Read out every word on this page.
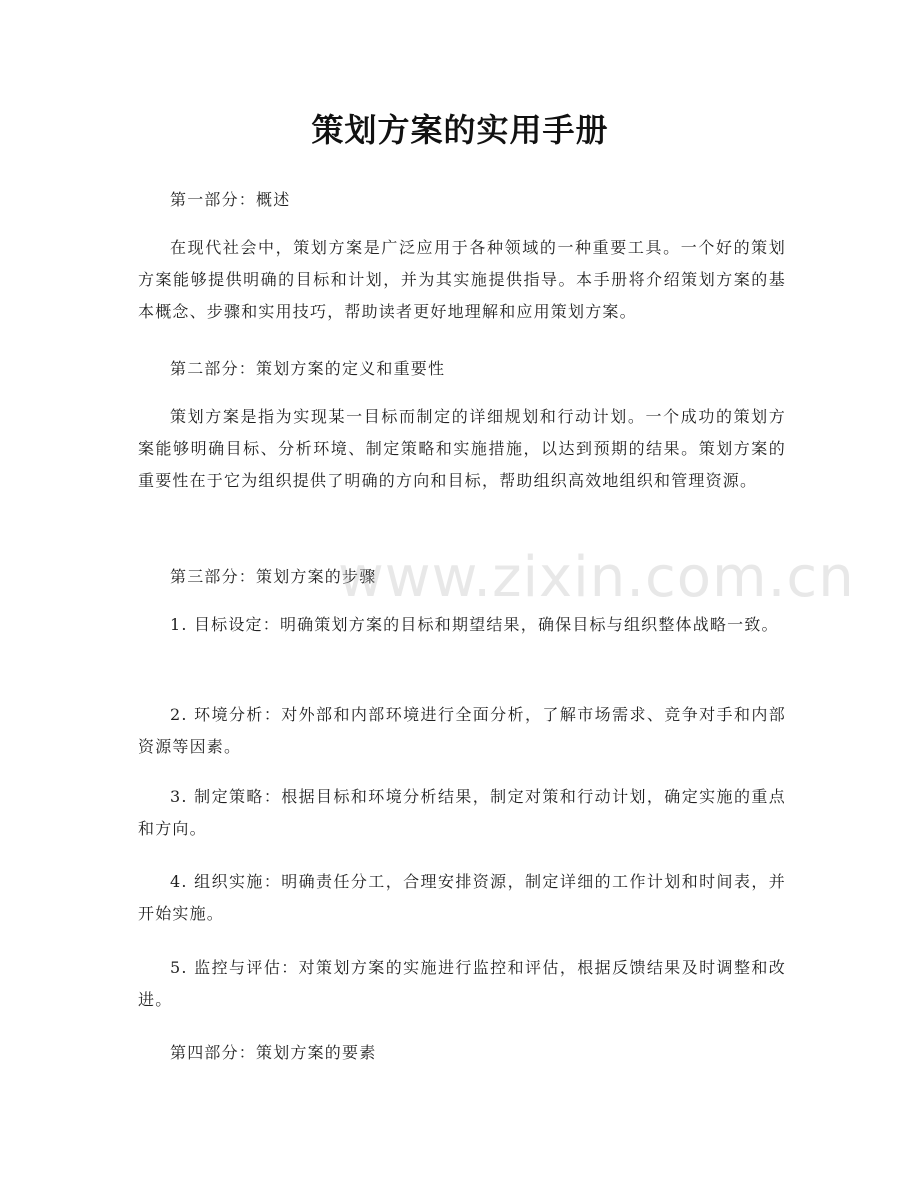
策划方案的实用手册
第一部分：概述
在现代社会中，策划方案是广泛应用于各种领域的一种重要工具。一个好的策划方案能够提供明确的目标和计划，并为其实施提供指导。本手册将介绍策划方案的基本概念、步骤和实用技巧，帮助读者更好地理解和应用策划方案。
第二部分：策划方案的定义和重要性
策划方案是指为实现某一目标而制定的详细规划和行动计划。一个成功的策划方案能够明确目标、分析环境、制定策略和实施措施，以达到预期的结果。策划方案的重要性在于它为组织提供了明确的方向和目标，帮助组织高效地组织和管理资源。
第三部分：策划方案的步骤
1. 目标设定：明确策划方案的目标和期望结果，确保目标与组织整体战略一致。
2. 环境分析：对外部和内部环境进行全面分析，了解市场需求、竞争对手和内部资源等因素。
3. 制定策略：根据目标和环境分析结果，制定对策和行动计划，确定实施的重点和方向。
4. 组织实施：明确责任分工，合理安排资源，制定详细的工作计划和时间表，并开始实施。
5. 监控与评估：对策划方案的实施进行监控和评估，根据反馈结果及时调整和改进。
第四部分：策划方案的要素
www.zixin.com.cn
